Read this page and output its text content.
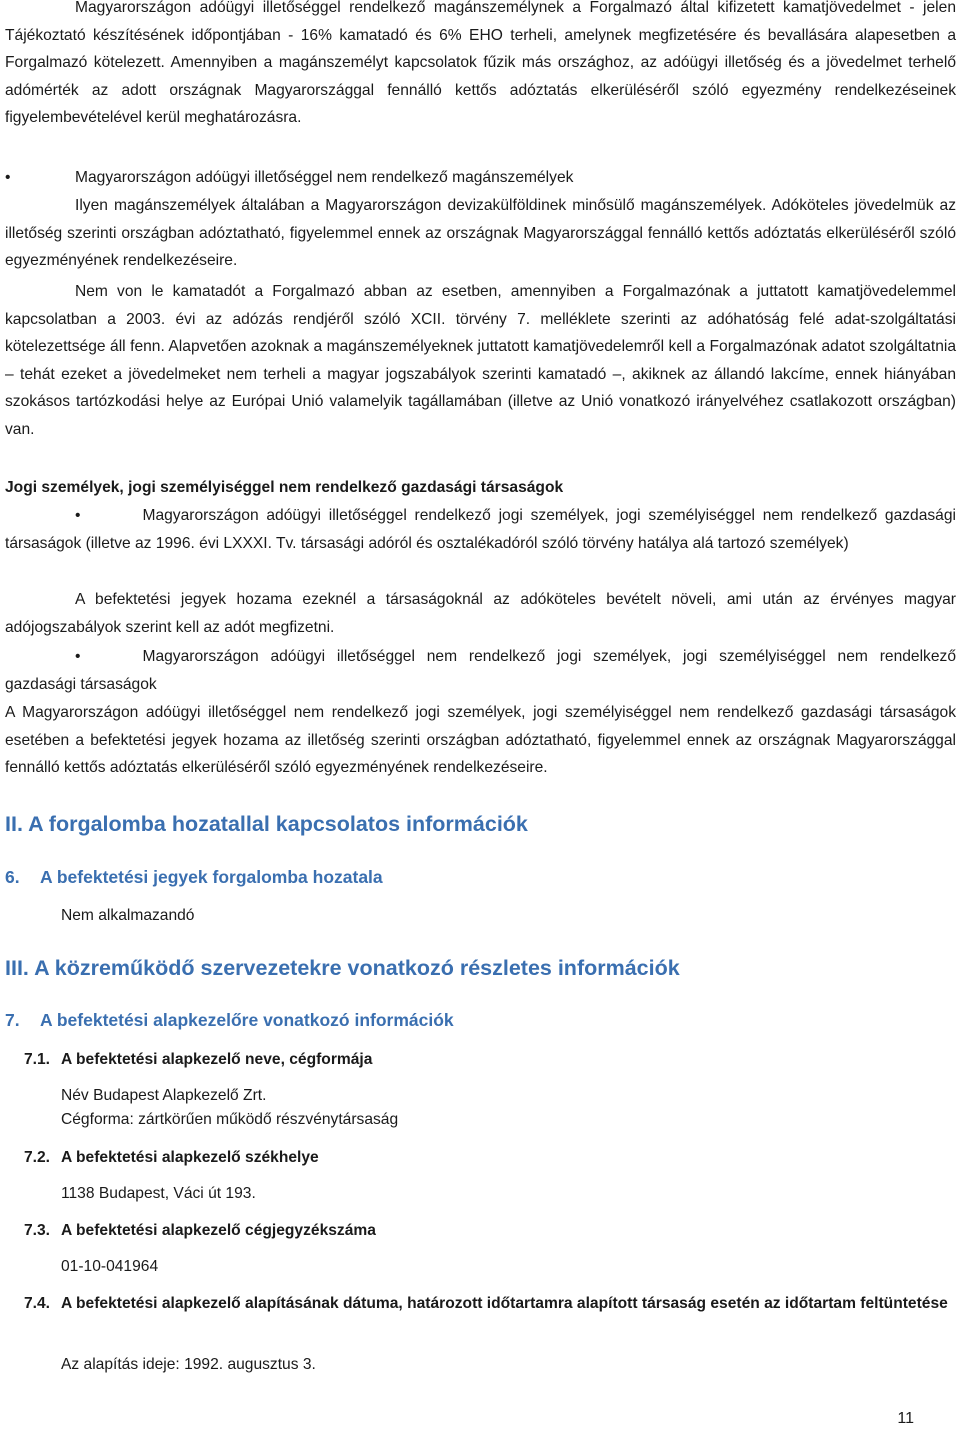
Magyarországon adóügyi illetőséggel rendelkező magánszemélynek a Forgalmazó által kifizetett kamatjövedelmet - jelen Tájékoztató készítésének időpontjában - 16% kamatadó és 6% EHO terheli, amelynek megfizetésére és bevallására alapesetben a Forgalmazó kötelezett. Amennyiben a magánszemélyt kapcsolatok fűzik más országhoz, az adóügyi illetőség és a jövedelmet terhelő adómérték az adott országnak Magyarországgal fennálló kettős adóztatás elkerüléséről szóló egyezmény rendelkezéseinek figyelembevételével kerül meghatározásra.

•	Magyarországon adóügyi illetőséggel nem rendelkező magánszemélyek

Ilyen magánszemélyek általában a Magyarországon devizakülföldinek minősülő magánszemélyek. Adóköteles jövedelmük az illetőség szerinti országban adóztatható, figyelemmel ennek az országnak Magyarországgal fennálló kettős adóztatás elkerüléséről szóló egyezményének rendelkezéseire.

Nem von le kamatadót a Forgalmazó abban az esetben, amennyiben a Forgalmazónak a juttatott kamatjövedelemmel kapcsolatban a 2003. évi az adózás rendjéről szóló XCII. törvény 7. melléklete szerinti az adóhatóság felé adat-szolgáltatási kötelezettsége áll fenn. Alapvetően azoknak a magánszemélyeknek juttatott kamatjövedelemről kell a Forgalmazónak adatot szolgáltatnia – tehát ezeket a jövedelmeket nem terheli a magyar jogszabályok szerinti kamatadó –, akiknek az állandó lakcíme, ennek hiányában szokásos tartózkodási helye az Európai Unió valamelyik tagállamában (illetve az Unió vonatkozó irányelvéhez csatlakozott országban) van.

Jogi személyek, jogi személyiséggel nem rendelkező gazdasági társaságok

•	Magyarországon adóügyi illetőséggel rendelkező jogi személyek, jogi személyiséggel nem rendelkező gazdasági társaságok (illetve az 1996. évi LXXXI. Tv. társasági adóról és osztalékadóról szóló törvény hatálya alá tartozó személyek)

A befektetési jegyek hozama ezeknél a társaságoknál az adóköteles bevételt növeli, ami után az érvényes magyar adójogszabályok szerint kell az adót megfizetni.

•	Magyarországon adóügyi illetőséggel nem rendelkező jogi személyek, jogi személyiséggel nem rendelkező gazdasági társaságok

A Magyarországon adóügyi illetőséggel nem rendelkező jogi személyek, jogi személyiséggel nem rendelkező gazdasági társaságok esetében a befektetési jegyek hozama az illetőség szerinti országban adóztatható, figyelemmel ennek az országnak Magyarországgal fennálló kettős adóztatás elkerüléséről szóló egyezményének rendelkezéseire.

II. A forgalomba hozatallal kapcsolatos információk
6. A befektetési jegyek forgalomba hozatala

Nem alkalmazandó

III. A közreműködő szervezetekre vonatkozó részletes információk
7. A befektetési alapkezelőre vonatkozó információk
7.1. A befektetési alapkezelő neve, cégformája

Név Budapest Alapkezelő Zrt.

Cégforma: zártkörűen működő részvénytársaság

7.2. A befektetési alapkezelő székhelye

1138 Budapest, Váci út 193.

7.3. A befektetési alapkezelő cégjegyzékszáma

01-10-041964

7.4. A befektetési alapkezelő alapításának dátuma, határozott időtartamra alapított társaság esetén az időtartam feltüntetése

Az alapítás ideje: 1992. augusztus 3.

11
